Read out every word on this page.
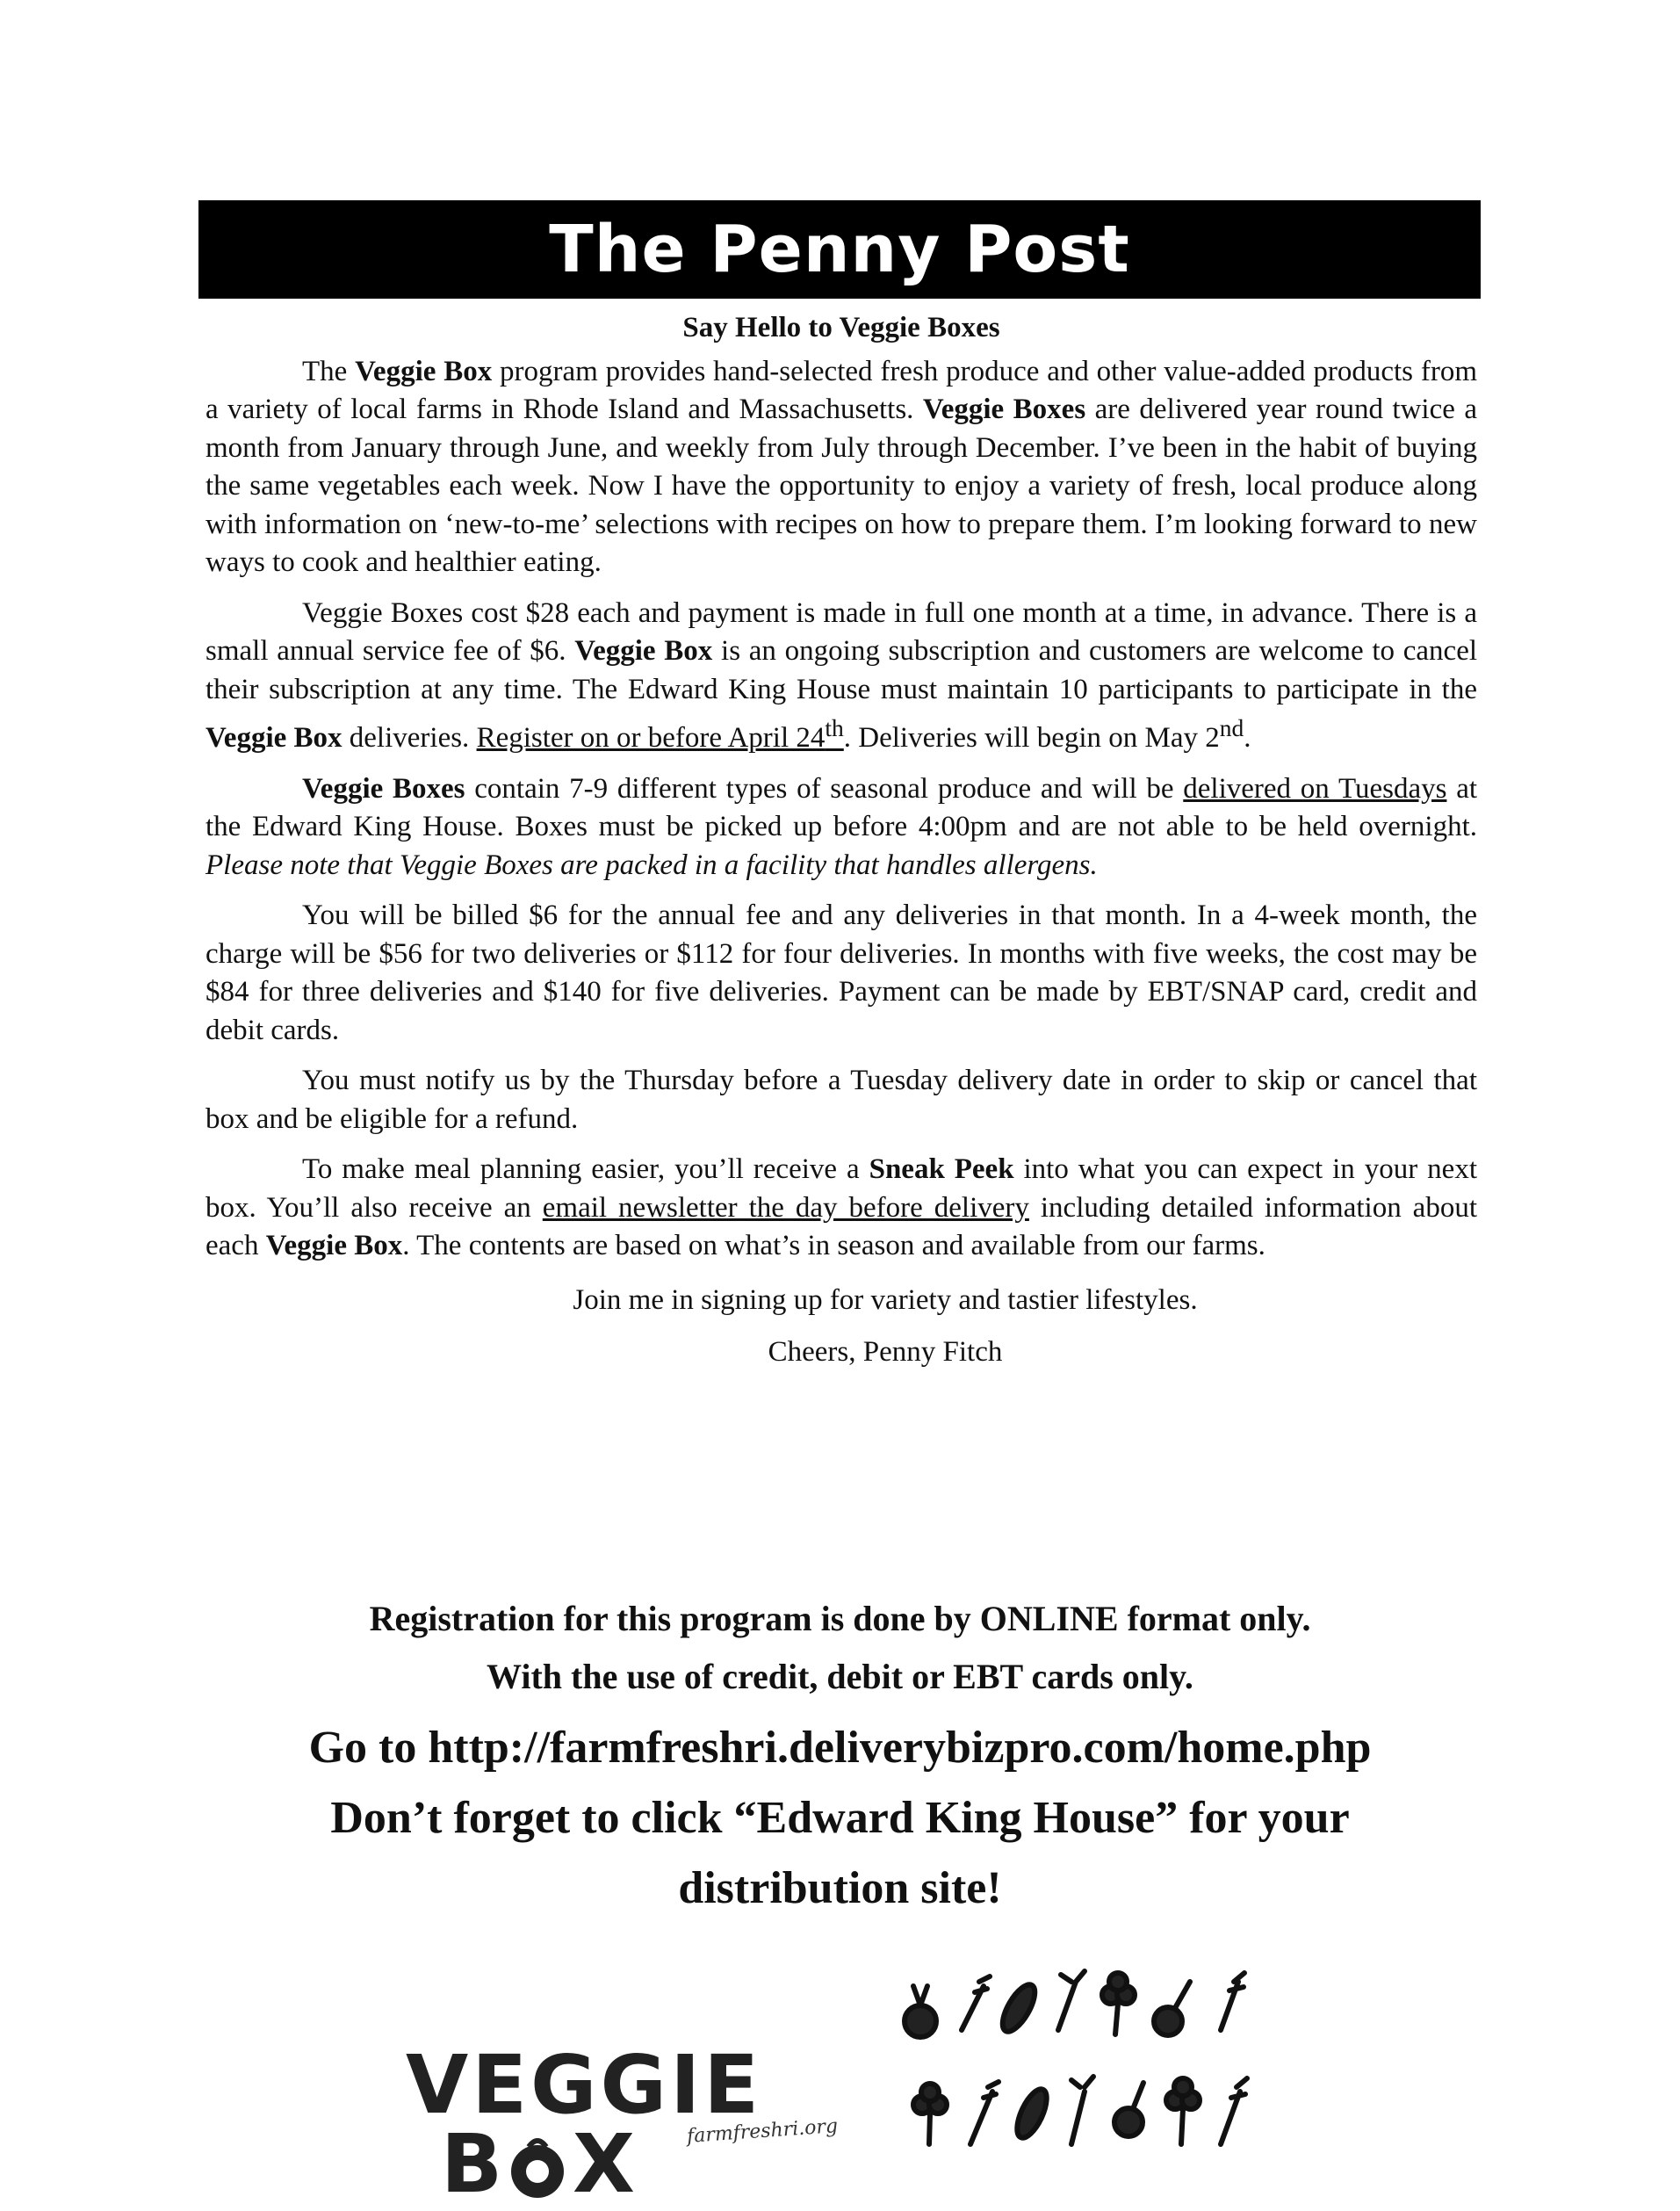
The Penny Post
Say Hello to Veggie Boxes

The Veggie Box program provides hand-selected fresh produce and other value-added products from a variety of local farms in Rhode Island and Massachusetts. Veggie Boxes are delivered year round twice a month from January through June, and weekly from July through December. I’ve been in the habit of buying the same vegetables each week. Now I have the opportunity to enjoy a variety of fresh, local produce along with information on ‘new-to-me’ selections with recipes on how to prepare them. I’m looking forward to new ways to cook and healthier eating.

Veggie Boxes cost $28 each and payment is made in full one month at a time, in advance. There is a small annual service fee of $6. Veggie Box is an ongoing subscription and customers are welcome to cancel their subscription at any time. The Edward King House must maintain 10 participants to participate in the Veggie Box deliveries. Register on or before April 24th. Deliveries will begin on May 2nd.

Veggie Boxes contain 7-9 different types of seasonal produce and will be delivered on Tuesdays at the Edward King House. Boxes must be picked up before 4:00pm and are not able to be held overnight. Please note that Veggie Boxes are packed in a facility that handles allergens.

You will be billed $6 for the annual fee and any deliveries in that month. In a 4-week month, the charge will be $56 for two deliveries or $112 for four deliveries. In months with five weeks, the cost may be $84 for three deliveries and $140 for five deliveries. Payment can be made by EBT/SNAP card, credit and debit cards.

You must notify us by the Thursday before a Tuesday delivery date in order to skip or cancel that box and be eligible for a refund.

To make meal planning easier, you’ll receive a Sneak Peek into what you can expect in your next box. You’ll also receive an email newsletter the day before delivery including detailed information about each Veggie Box. The contents are based on what’s in season and available from our farms.

Join me in signing up for variety and tastier lifestyles.
Cheers, Penny Fitch
Registration for this program is done by ONLINE format only.
With the use of credit, debit or EBT cards only.
Go to http://farmfreshri.deliverybizpro.com/home.php
Don’t forget to click “Edward King House” for your
distribution site!
VEGGIE
B X farmfreshri.org
